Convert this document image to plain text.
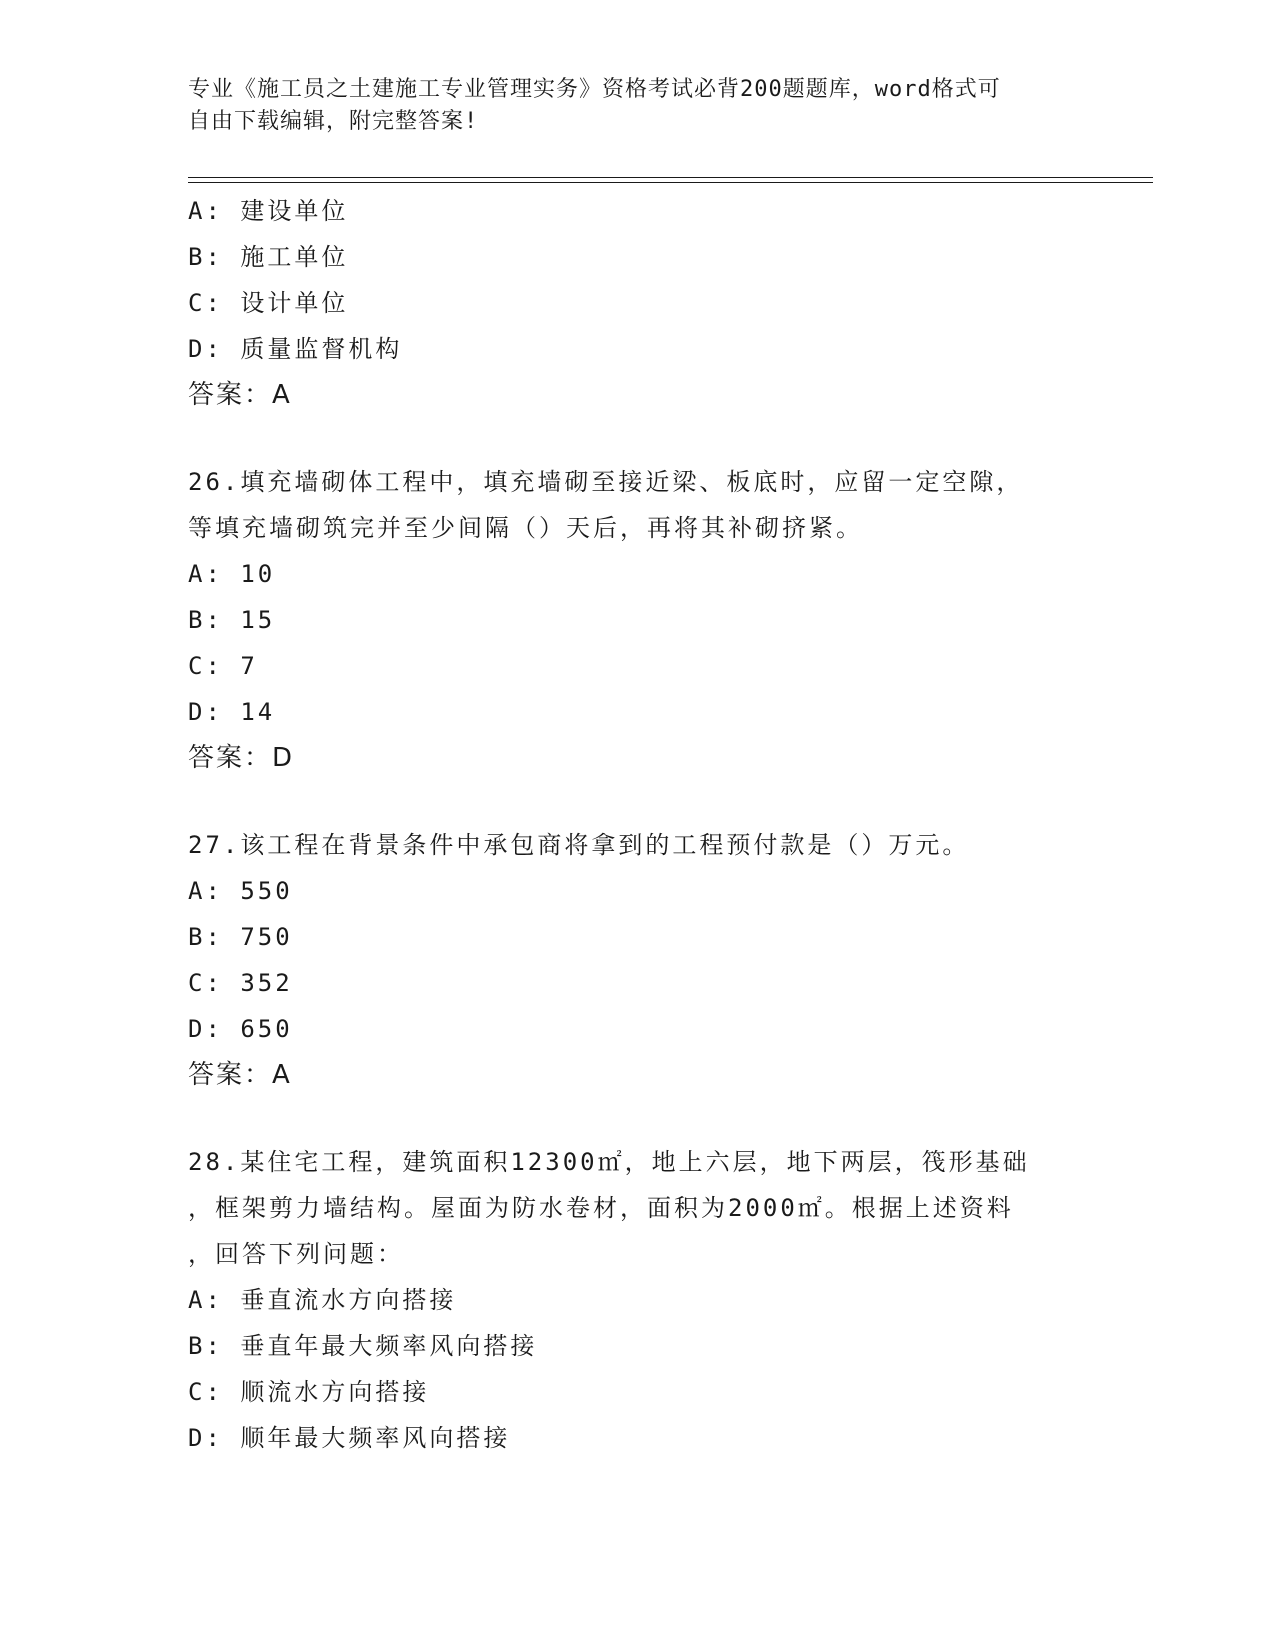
专业《施工员之土建施工专业管理实务》资格考试必背200题题库，word格式可
自由下载编辑，附完整答案!
A: 建设单位
B: 施工单位
C: 设计单位
D: 质量监督机构
答案：A
26.填充墙砌体工程中，填充墙砌至接近梁、板底时，应留一定空隙，
等填充墙砌筑完并至少间隔（）天后，再将其补砌挤紧。
A: 10
B: 15
C: 7
D: 14
答案：D
27.该工程在背景条件中承包商将拿到的工程预付款是（）万元。
A: 550
B: 750
C: 352
D: 650
答案：A
28.某住宅工程，建筑面积12300㎡，地上六层，地下两层，筏形基础
，框架剪力墙结构。屋面为防水卷材，面积为2000㎡。根据上述资料
，回答下列问题：
A: 垂直流水方向搭接
B: 垂直年最大频率风向搭接
C: 顺流水方向搭接
D: 顺年最大频率风向搭接
